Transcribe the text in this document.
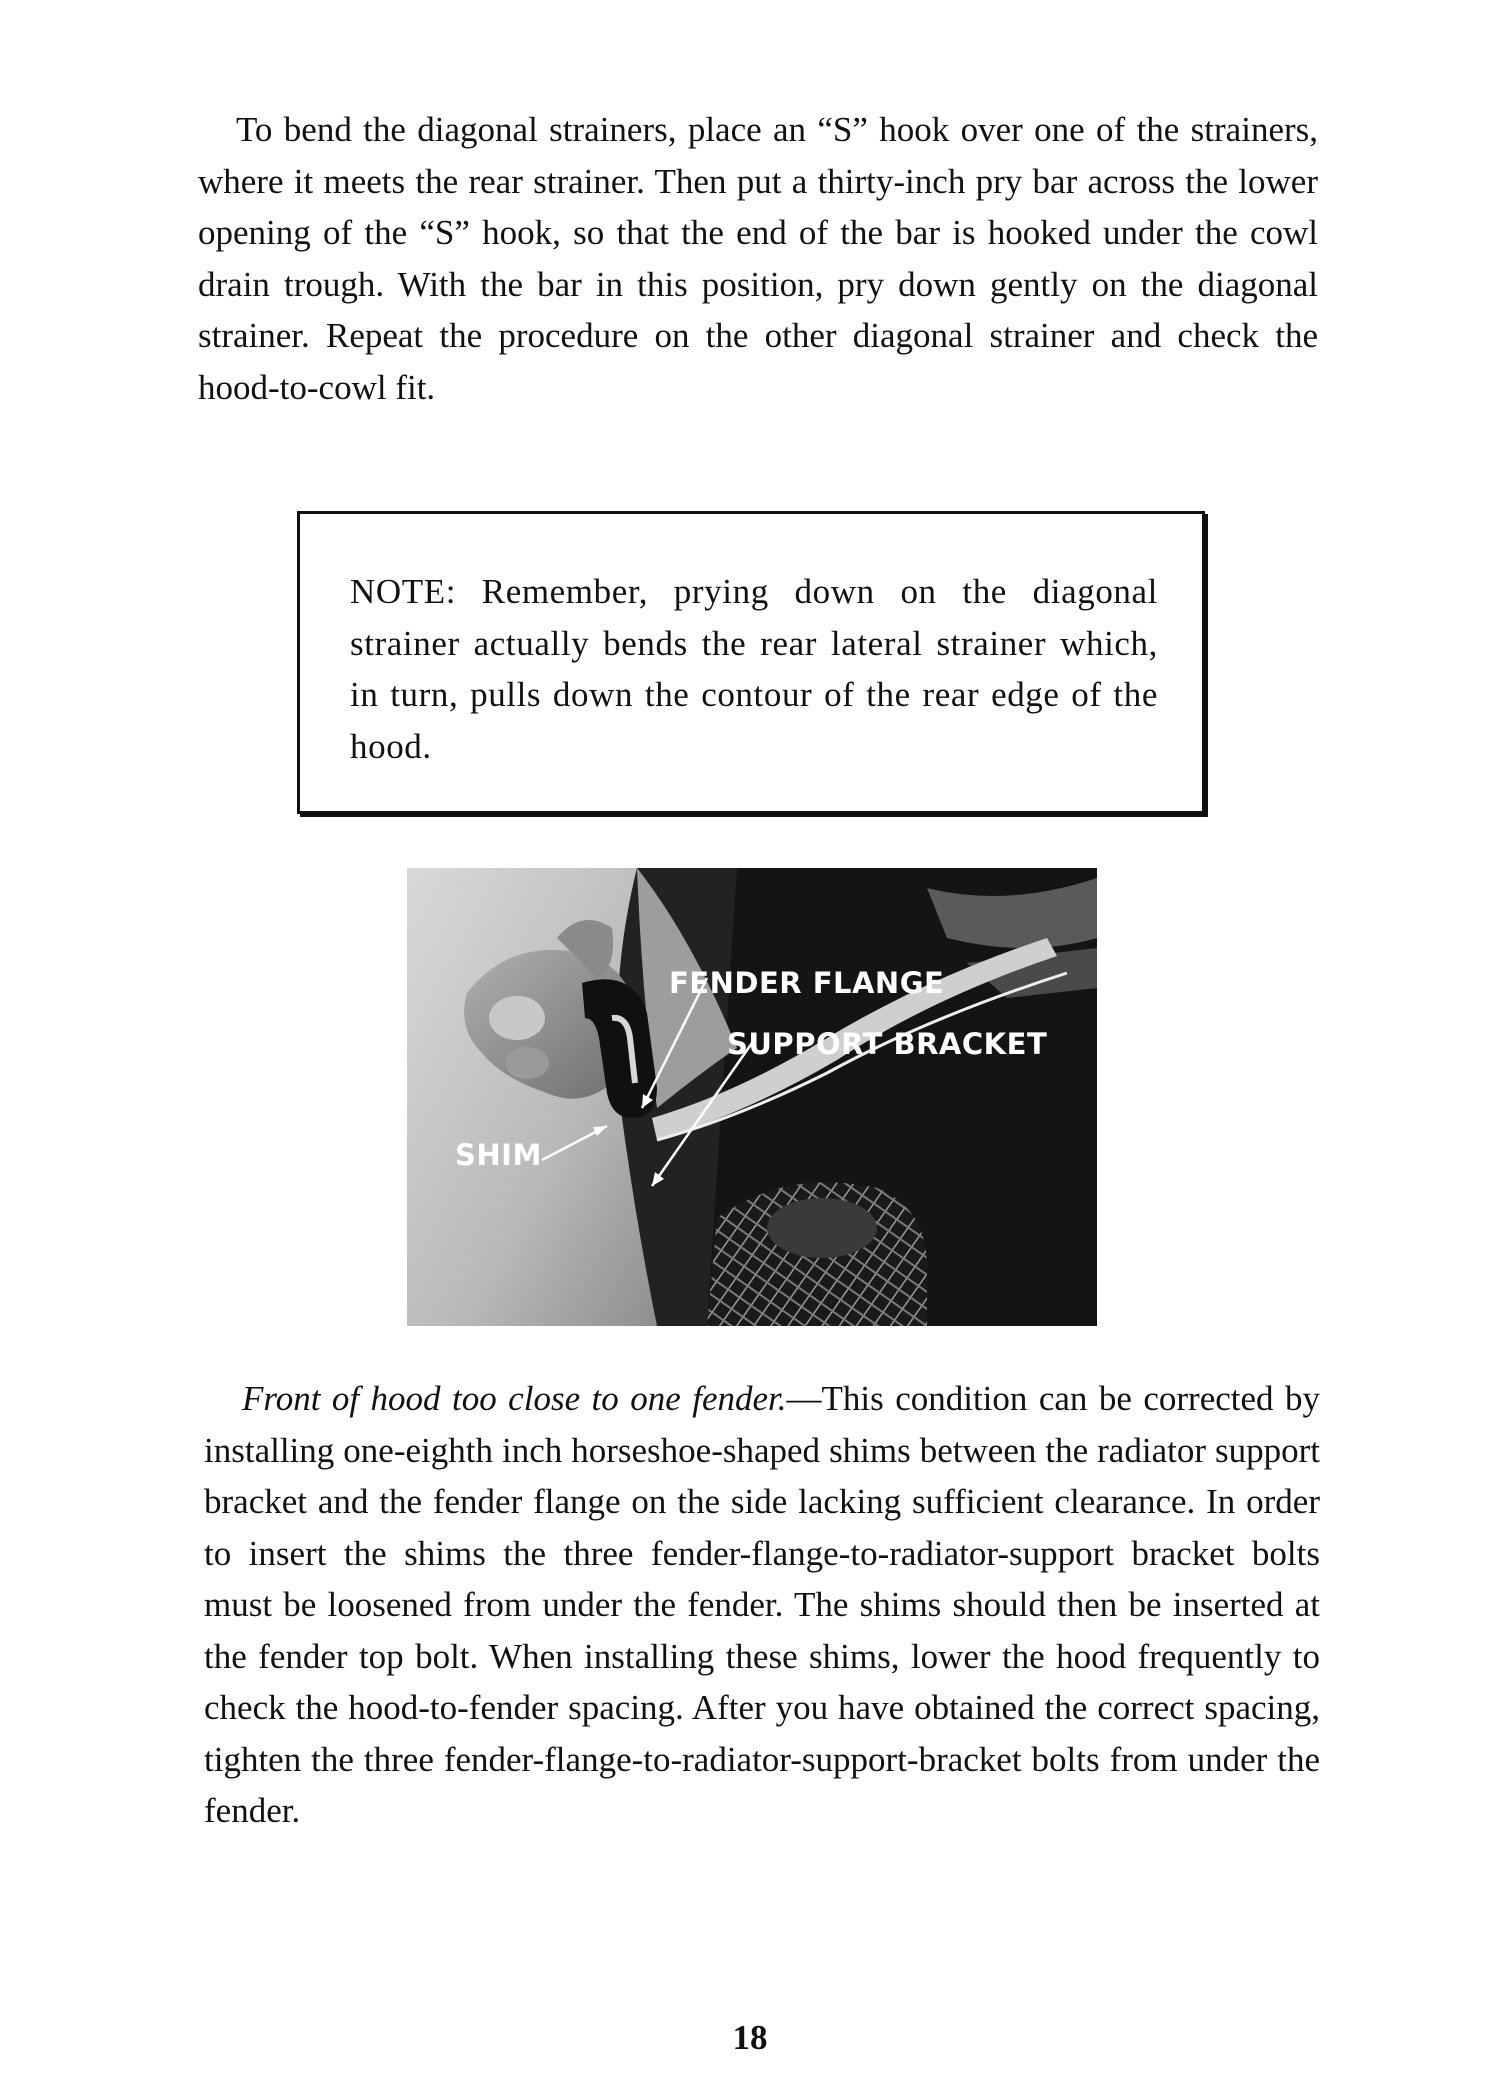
To bend the diagonal strainers, place an “S” hook over one of the strainers, where it meets the rear strainer. Then put a thirty-inch pry bar across the lower opening of the “S” hook, so that the end of the bar is hooked under the cowl drain trough. With the bar in this position, pry down gently on the diagonal strainer. Repeat the procedure on the other diagonal strainer and check the hood-to-cowl fit.

NOTE: Remember, prying down on the diagonal strainer actually bends the rear lateral strainer which, in turn, pulls down the contour of the rear edge of the hood.

FENDER FLANGE
SUPPORT BRACKET
SHIM

Front of hood too close to one fender.—This condition can be corrected by installing one-eighth inch horseshoe-shaped shims between the radiator support bracket and the fender flange on the side lacking sufficient clearance. In order to insert the shims the three fender-flange-to-radiator-support bracket bolts must be loosened from under the fender. The shims should then be inserted at the fender top bolt. When installing these shims, lower the hood frequently to check the hood-to-fender spacing. After you have obtained the correct spacing, tighten the three fender-flange-to-radiator-support-bracket bolts from under the fender.

18
